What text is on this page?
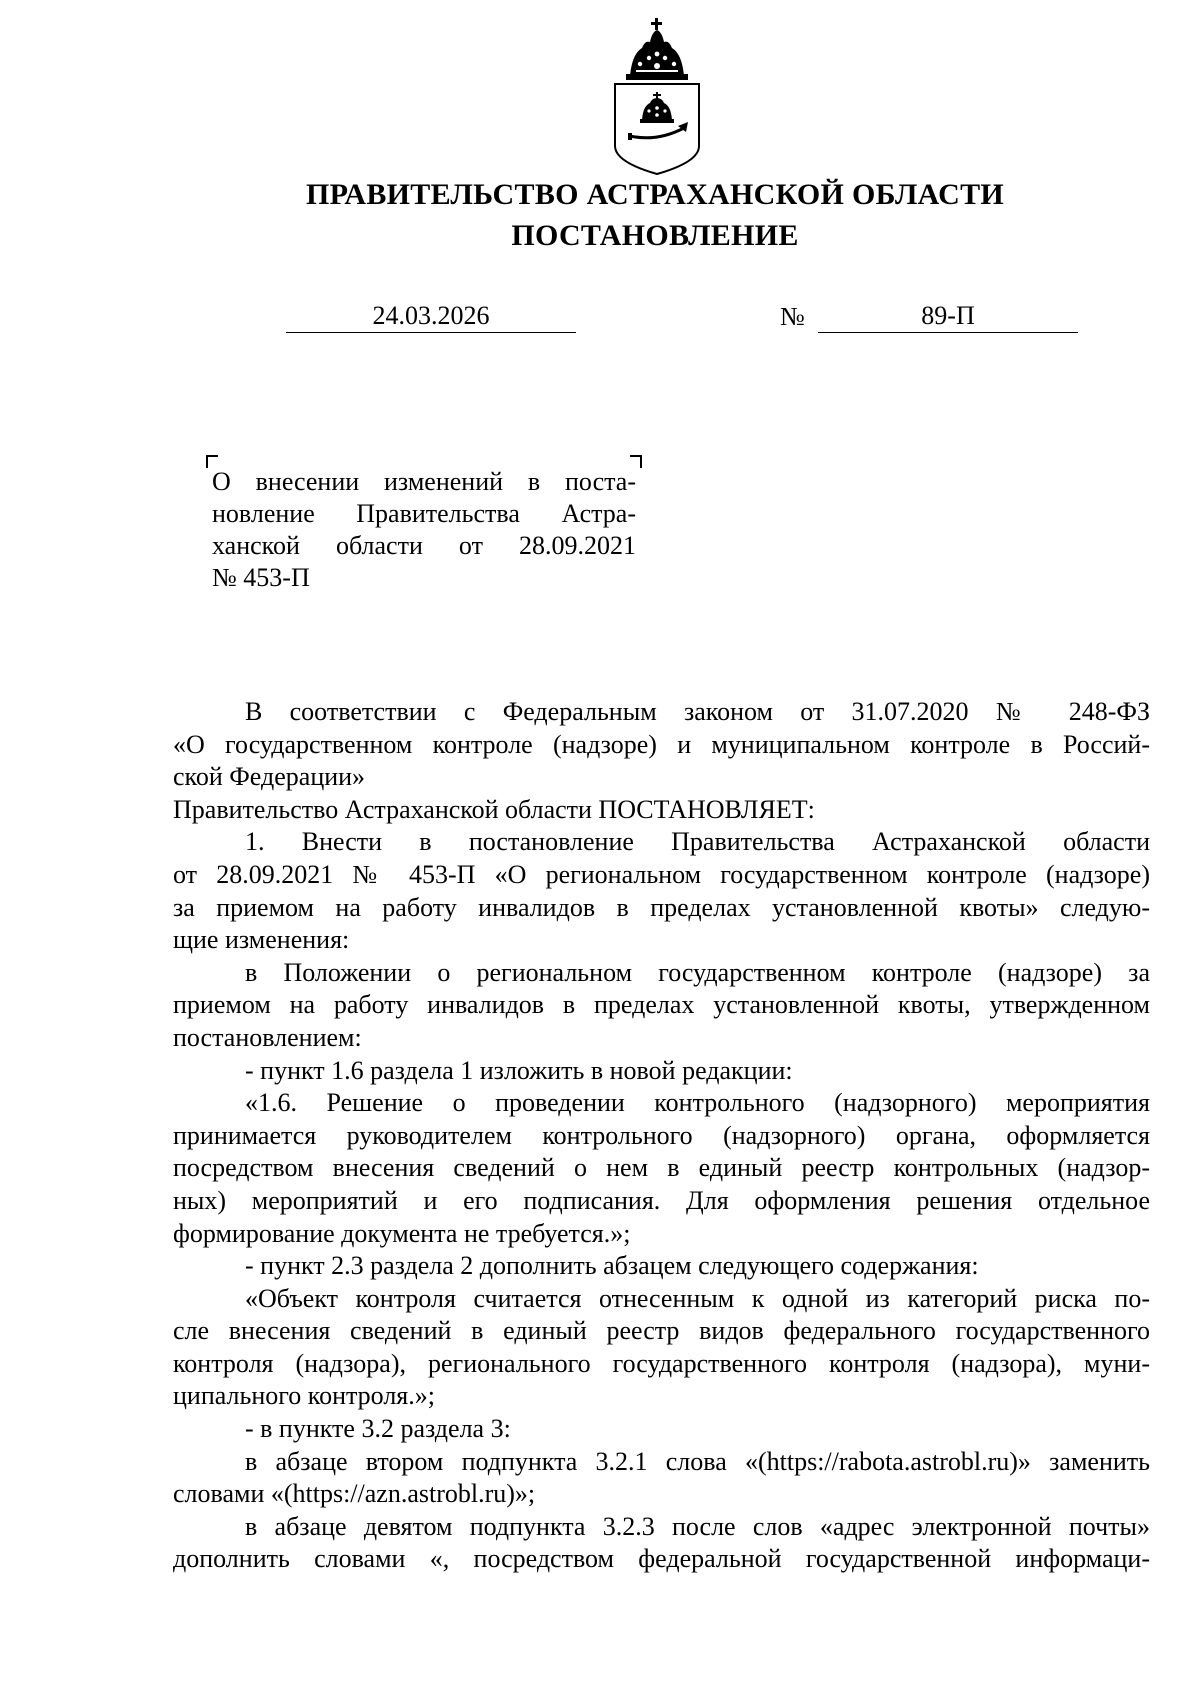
ПРАВИТЕЛЬСТВО АСТРАХАНСКОЙ ОБЛАСТИ
ПОСТАНОВЛЕНИЕ
24.03.2026	№	89-П
О внесении изменений в поста-
новление Правительства Астра-
ханской области от 28.09.2021
№ 453-П
В соответствии с Федеральным законом от 31.07.2020 № 248-ФЗ
«О государственном контроле (надзоре) и муниципальном контроле в Россий-
ской Федерации»
Правительство Астраханской области ПОСТАНОВЛЯЕТ:
1. Внести в постановление Правительства Астраханской области
от 28.09.2021 № 453-П «О региональном государственном контроле (надзоре)
за приемом на работу инвалидов в пределах установленной квоты» следую-
щие изменения:
в Положении о региональном государственном контроле (надзоре) за
приемом на работу инвалидов в пределах установленной квоты, утвержденном
постановлением:
- пункт 1.6 раздела 1 изложить в новой редакции:
«1.6. Решение о проведении контрольного (надзорного) мероприятия
принимается руководителем контрольного (надзорного) органа, оформляется
посредством внесения сведений о нем в единый реестр контрольных (надзор-
ных) мероприятий и его подписания. Для оформления решения отдельное
формирование документа не требуется.»;
- пункт 2.3 раздела 2 дополнить абзацем следующего содержания:
«Объект контроля считается отнесенным к одной из категорий риска по-
сле внесения сведений в единый реестр видов федерального государственного
контроля (надзора), регионального государственного контроля (надзора), муни-
ципального контроля.»;
- в пункте 3.2 раздела 3:
в абзаце втором подпункта 3.2.1 слова «(https://rabota.astrobl.ru)» заменить
словами «(https://azn.astrobl.ru)»;
в абзаце девятом подпункта 3.2.3 после слов «адрес электронной почты»
дополнить словами «, посредством федеральной государственной информаци-
